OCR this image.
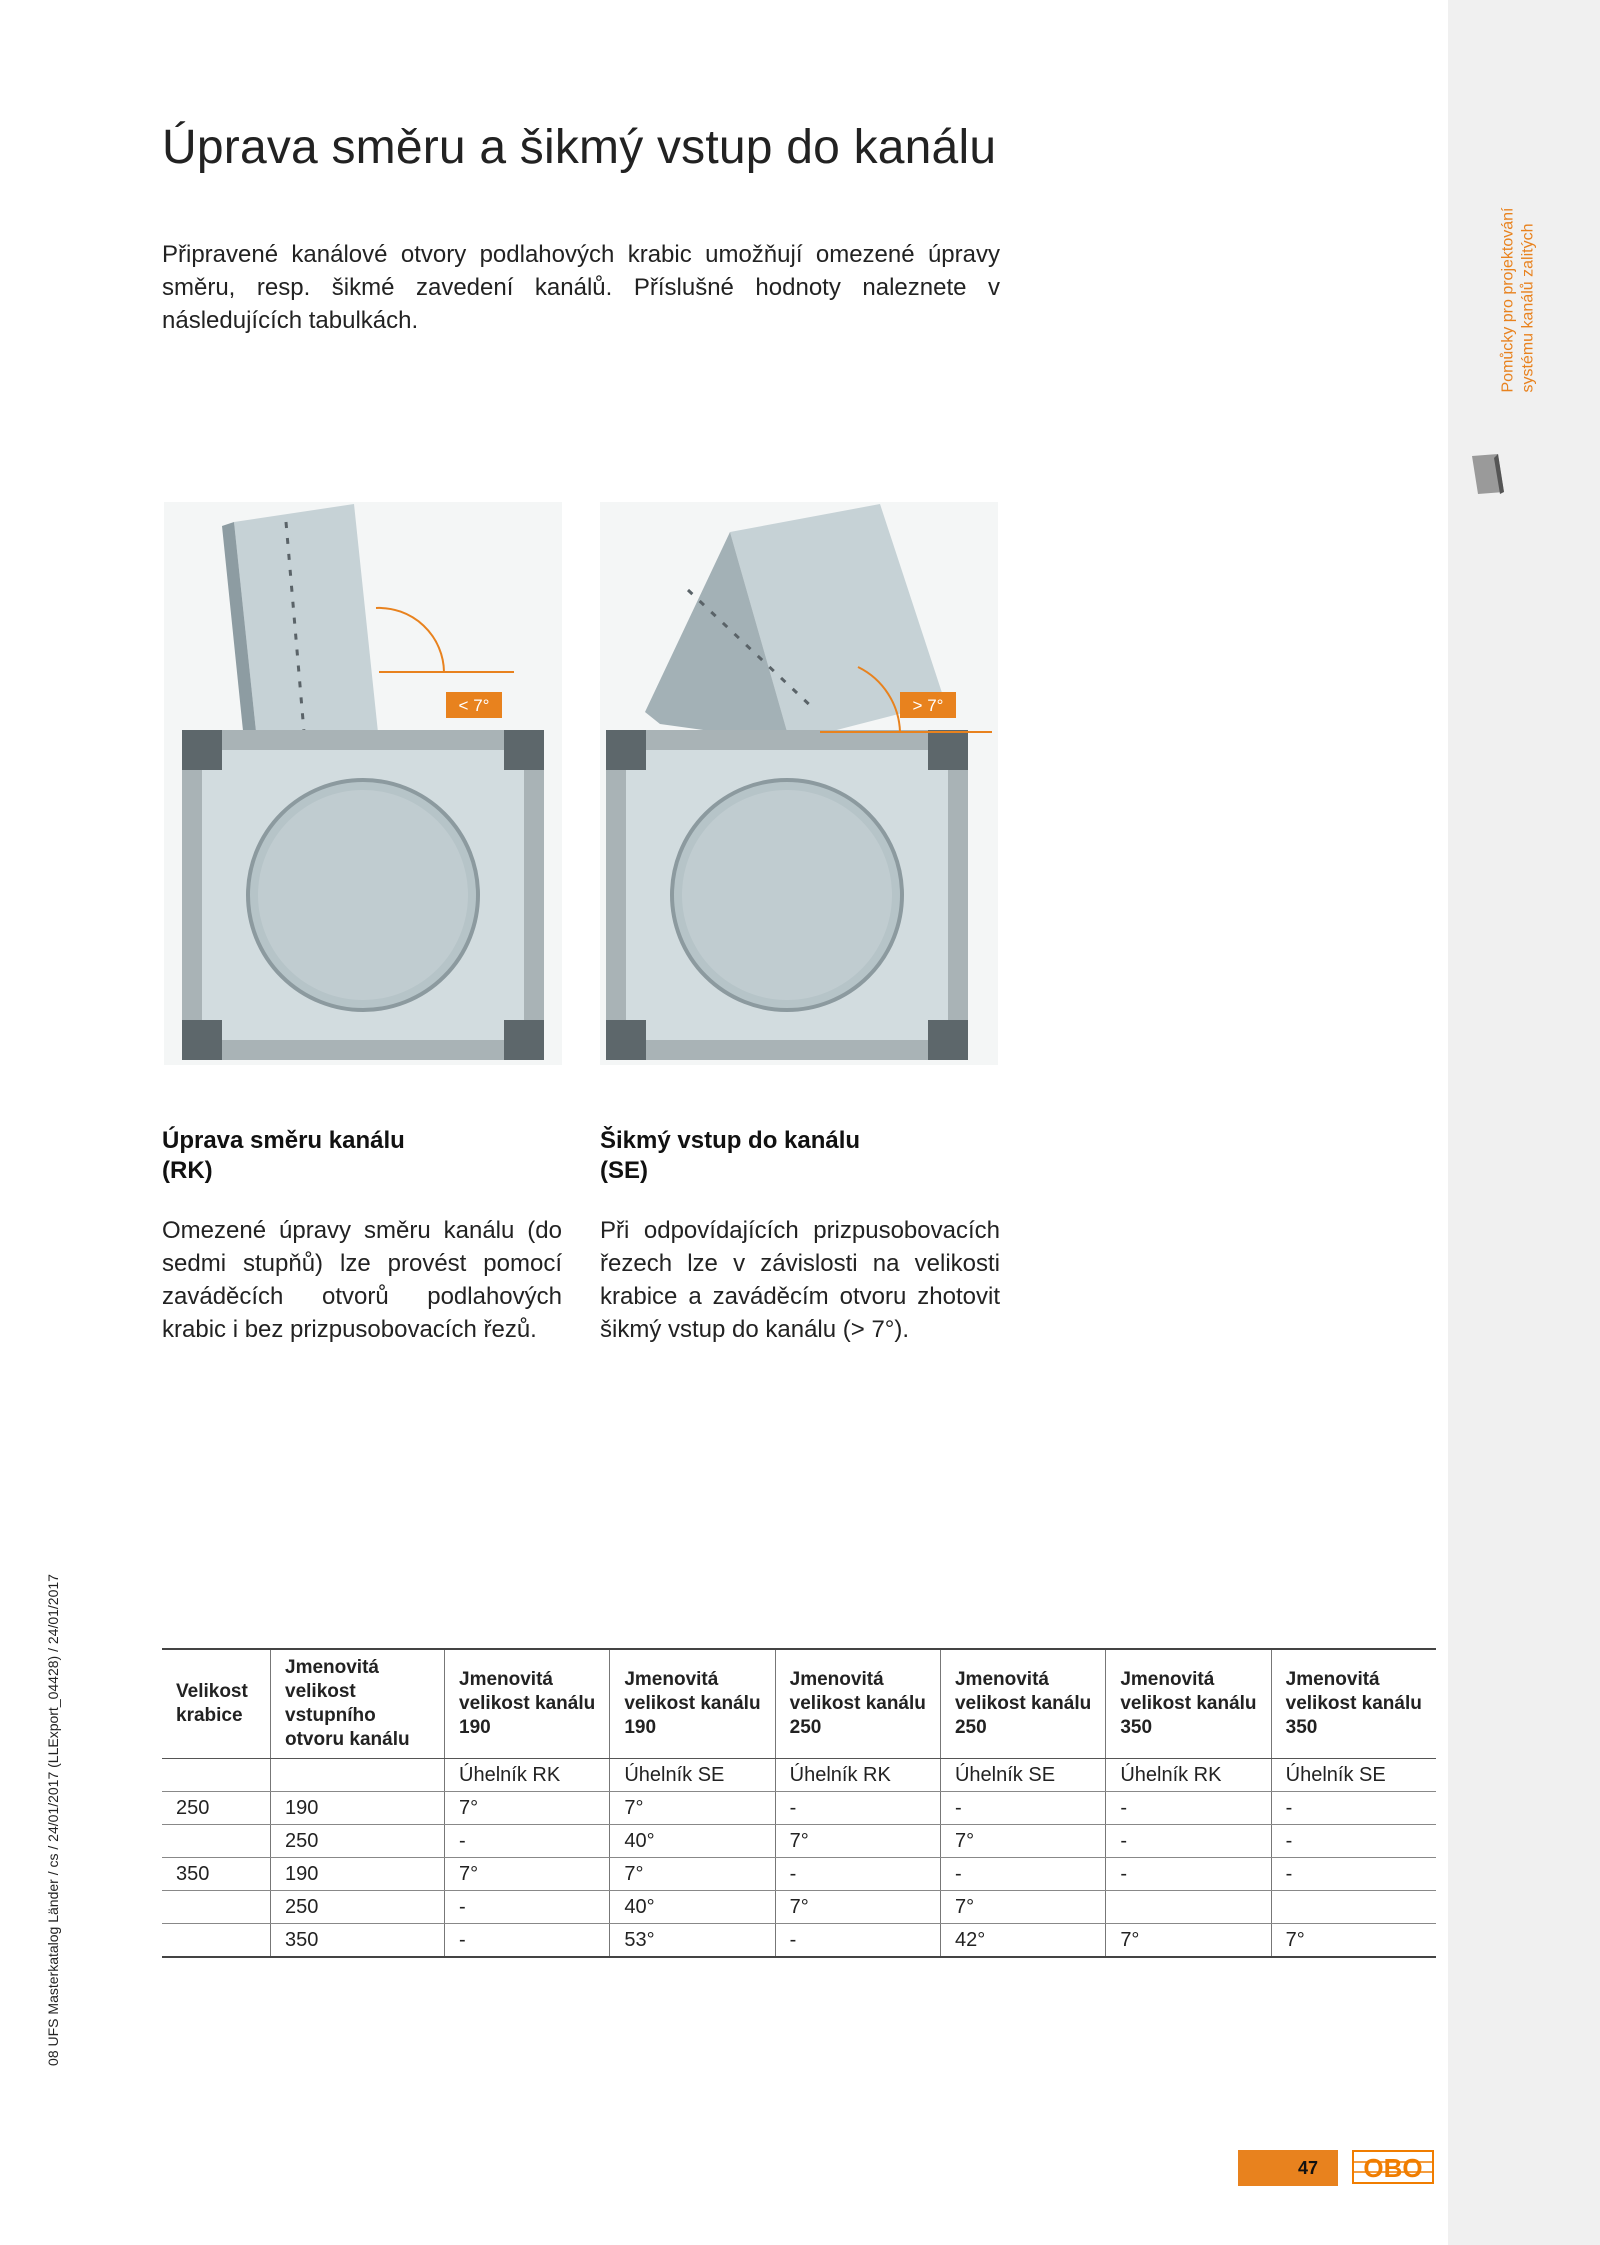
Pomůcky pro projektování systému kanálů zalitých
08 UFS Masterkatalog Länder / cs / 24/01/2017 (LLExport_04428) / 24/01/2017
Úprava směru a šikmý vstup do kanálu

Připravené kanálové otvory podlahových krabic umožňují omezené úpravy směru, resp. šikmé zavedení kanálů. Příslušné hodnoty naleznete v následujících tabulkách.

< 7°	> 7°
Úprava směru kanálu
(RK)

Omezené úpravy směru kanálu (do sedmi stupňů) lze provést pomocí zaváděcích otvorů podlahových krabic i bez prizpusobovacích řezů.

Šikmý vstup do kanálu
(SE)

Při odpovídajících prizpusobovacích řezech lze v závislosti na velikosti krabice a zaváděcím otvoru zhotovit šikmý vstup do kanálu (> 7°).

Velikost krabice	Jmenovitá velikost vstupního otvoru kanálu	Jmenovitá velikost kanálu 190	Jmenovitá velikost kanálu 190	Jmenovitá velikost kanálu 250	Jmenovitá velikost kanálu 250	Jmenovitá velikost kanálu 350	Jmenovitá velikost kanálu 350
		Úhelník RK	Úhelník SE	Úhelník RK	Úhelník SE	Úhelník RK	Úhelník SE
250	190	7°	7°	-	-	-	-
	250	-	40°	7°	7°	-	-
350	190	7°	7°	-	-	-	-
	250	-	40°	7°	7°		
	350	-	53°	-	42°	7°	7°
47	OBO
